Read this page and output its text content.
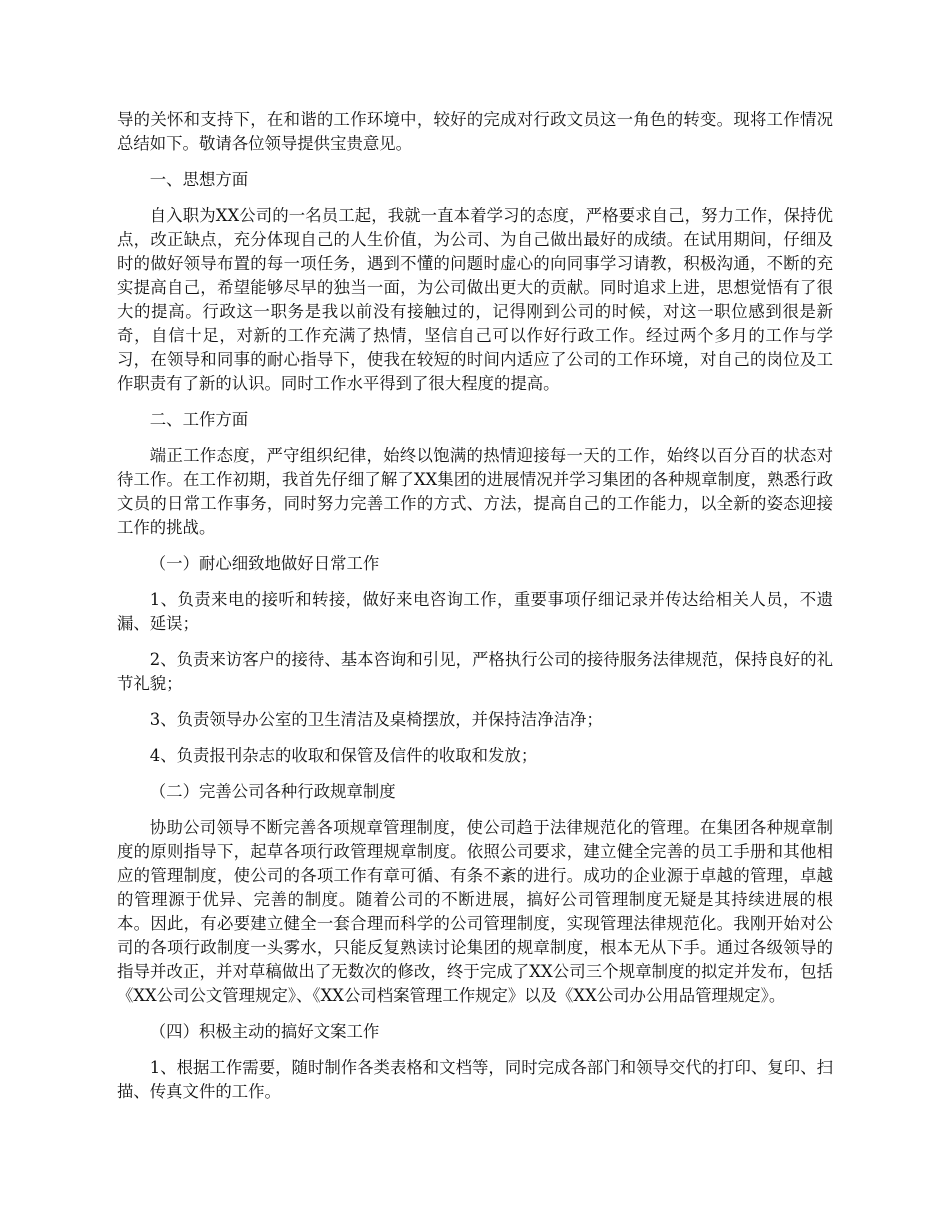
导的关怀和支持下，在和谐的工作环境中，较好的完成对行政文员这一角色的转变。现将工作情况总结如下。敬请各位领导提供宝贵意见。

一、思想方面

自入职为XX公司的一名员工起，我就一直本着学习的态度，严格要求自己，努力工作，保持优点，改正缺点，充分体现自己的人生价值，为公司、为自己做出最好的成绩。在试用期间，仔细及时的做好领导布置的每一项任务，遇到不懂的问题时虚心的向同事学习请教，积极沟通，不断的充实提高自己，希望能够尽早的独当一面，为公司做出更大的贡献。同时追求上进，思想觉悟有了很大的提高。行政这一职务是我以前没有接触过的，记得刚到公司的时候，对这一职位感到很是新奇，自信十足，对新的工作充满了热情，坚信自己可以作好行政工作。经过两个多月的工作与学习，在领导和同事的耐心指导下，使我在较短的时间内适应了公司的工作环境，对自己的岗位及工作职责有了新的认识。同时工作水平得到了很大程度的提高。

二、工作方面

端正工作态度，严守组织纪律，始终以饱满的热情迎接每一天的工作，始终以百分百的状态对待工作。在工作初期，我首先仔细了解了XX集团的进展情况并学习集团的各种规章制度，熟悉行政文员的日常工作事务，同时努力完善工作的方式、方法，提高自己的工作能力，以全新的姿态迎接工作的挑战。

（一）耐心细致地做好日常工作

1、负责来电的接听和转接，做好来电咨询工作，重要事项仔细记录并传达给相关人员，不遗漏、延误；

2、负责来访客户的接待、基本咨询和引见，严格执行公司的接待服务法律规范，保持良好的礼节礼貌；

3、负责领导办公室的卫生清洁及桌椅摆放，并保持洁净洁净；

4、负责报刊杂志的收取和保管及信件的收取和发放；

（二）完善公司各种行政规章制度

协助公司领导不断完善各项规章管理制度，使公司趋于法律规范化的管理。在集团各种规章制度的原则指导下，起草各项行政管理规章制度。依照公司要求，建立健全完善的员工手册和其他相应的管理制度，使公司的各项工作有章可循、有条不紊的进行。成功的企业源于卓越的管理，卓越的管理源于优异、完善的制度。随着公司的不断进展，搞好公司管理制度无疑是其持续进展的根本。因此，有必要建立健全一套合理而科学的公司管理制度，实现管理法律规范化。我刚开始对公司的各项行政制度一头雾水，只能反复熟读讨论集团的规章制度，根本无从下手。通过各级领导的指导并改正，并对草稿做出了无数次的修改，终于完成了XX公司三个规章制度的拟定并发布，包括《XX公司公文管理规定》、《XX公司档案管理工作规定》以及《XX公司办公用品管理规定》。

（四）积极主动的搞好文案工作

1、根据工作需要，随时制作各类表格和文档等，同时完成各部门和领导交代的打印、复印、扫描、传真文件的工作。
